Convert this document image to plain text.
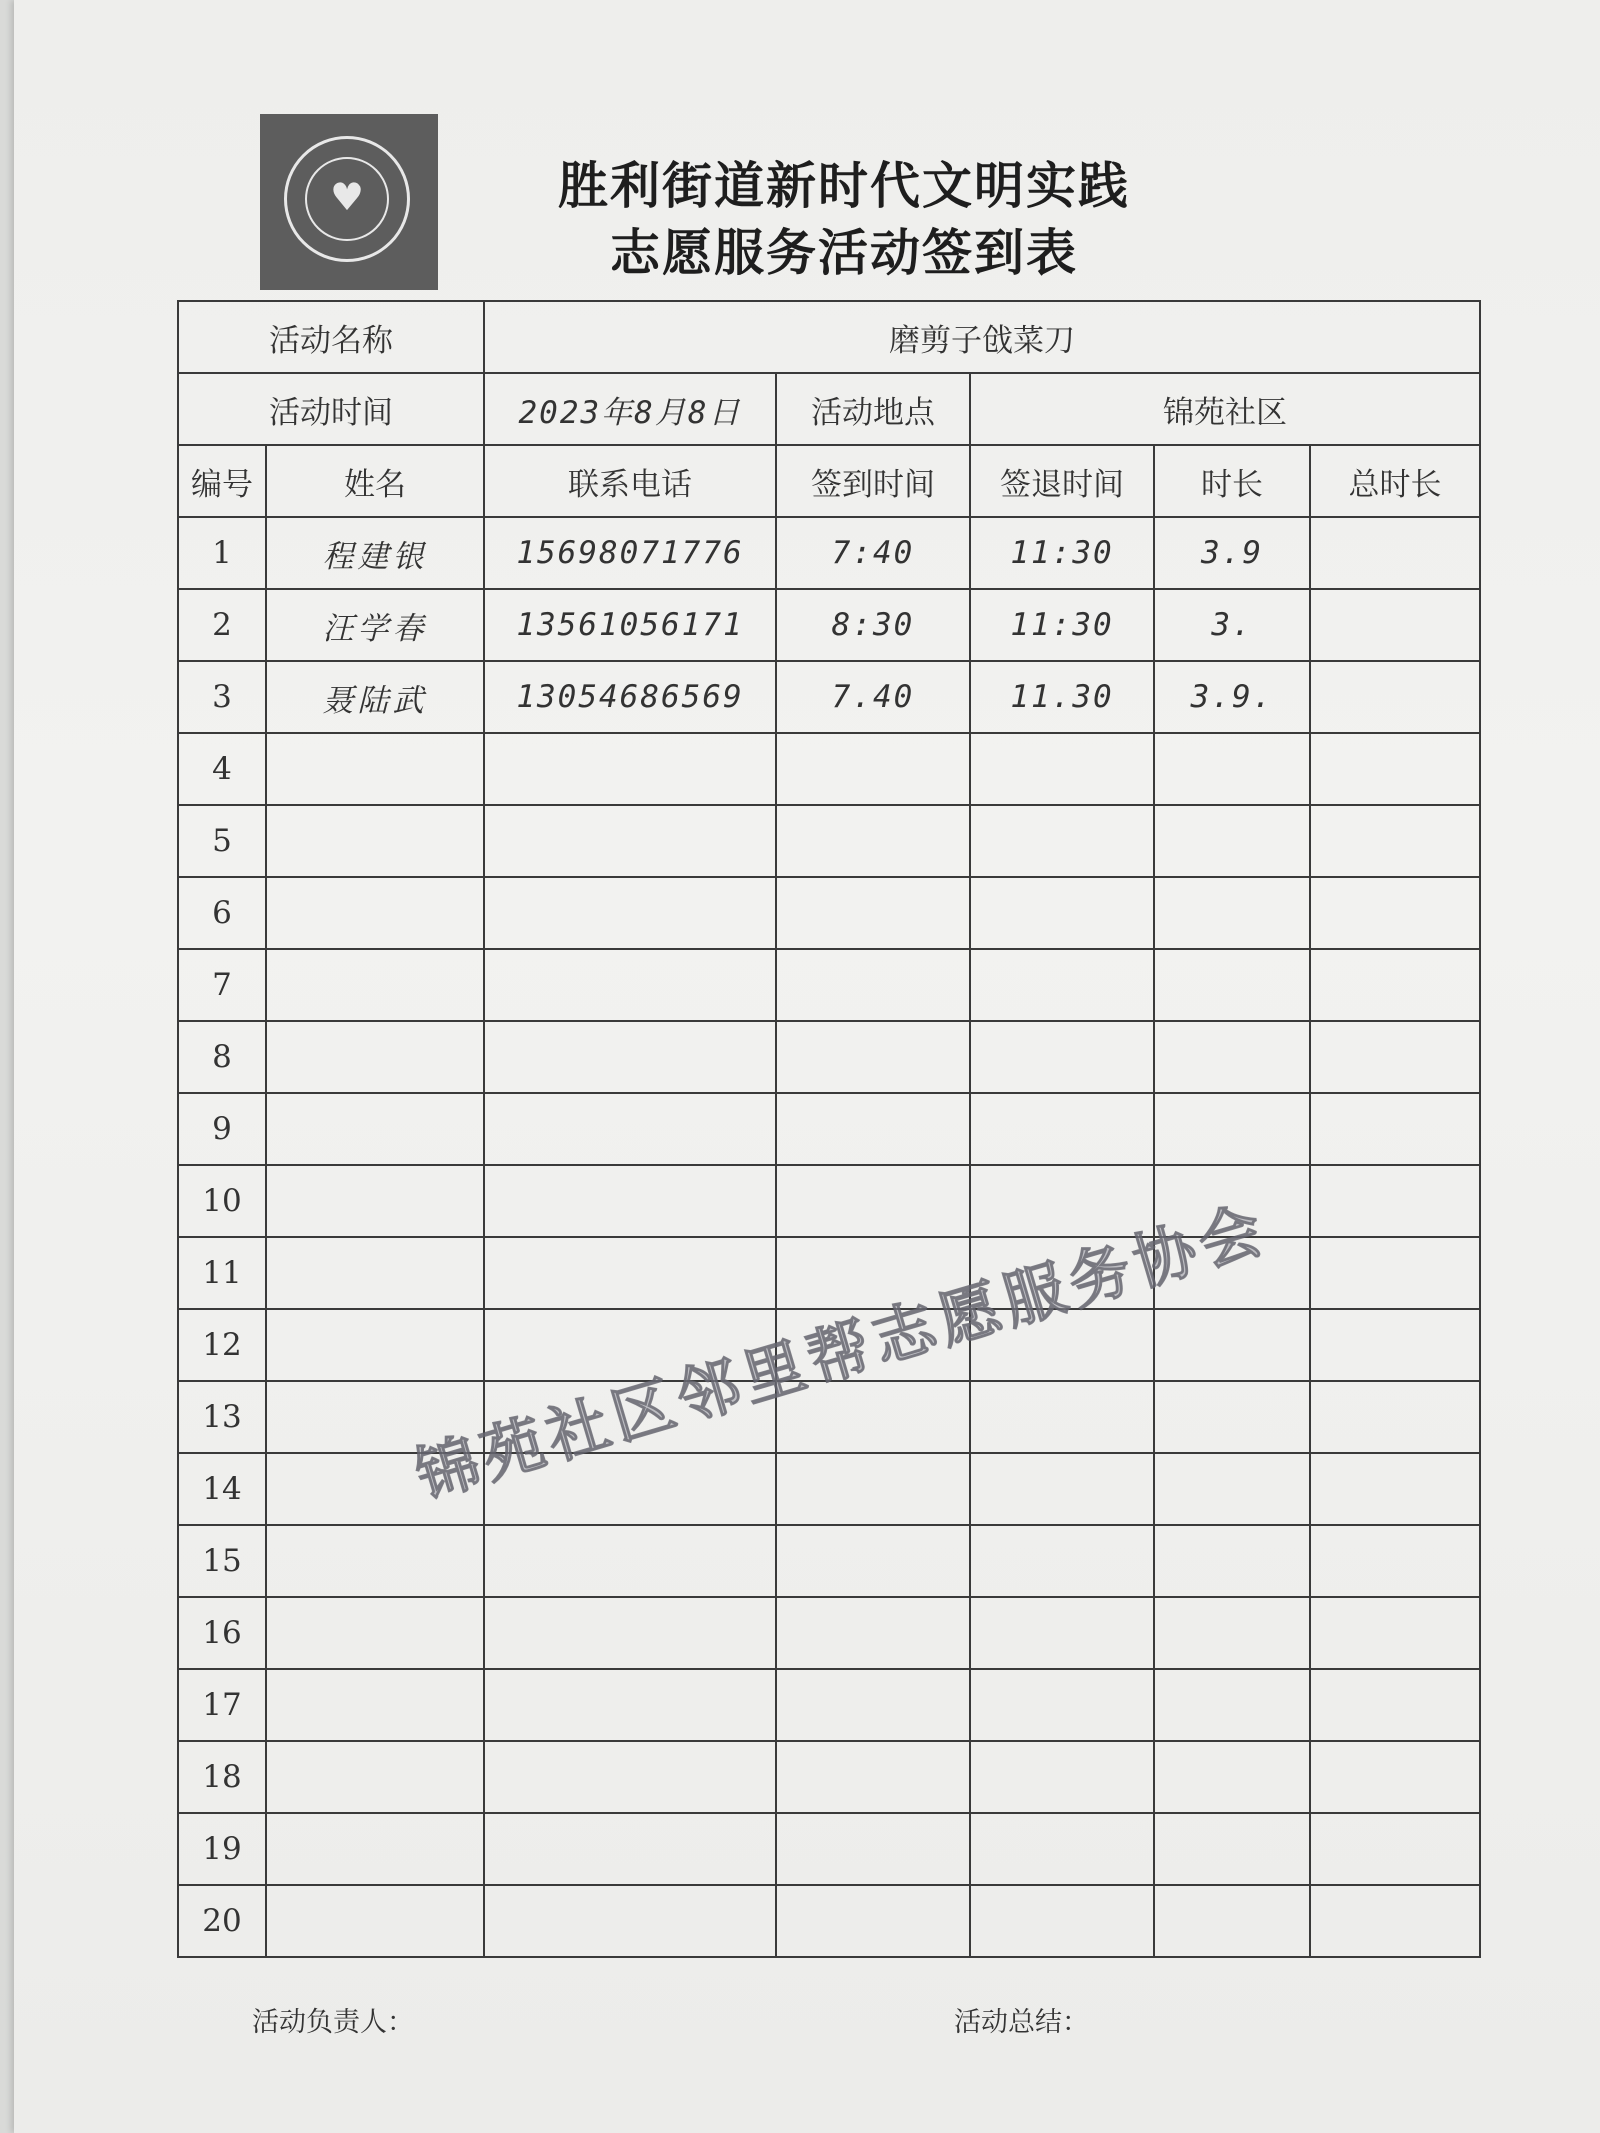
♥	胜利街道新时代文明实践
志愿服务活动签到表
活动名称		磨剪子戗菜刀				
活动时间		2023年8月8日	活动地点	锦苑社区		
编号	姓名	联系电话	签到时间	签退时间	时长	总时长
1	程建银	15698071776	7:40	11:30	3.9	
2	汪学春	13561056171	8:30	11:30	3.	
3	聂陆武	13054686569	7.40	11.30	3.9.	
4						
5						
6						
7						
8						
9						
10						
11						
12						
13						
14						
15						
16						
17						
18						
19						
20						
活动负责人：	活动总结：
锦苑社区邻里帮志愿服务协会
